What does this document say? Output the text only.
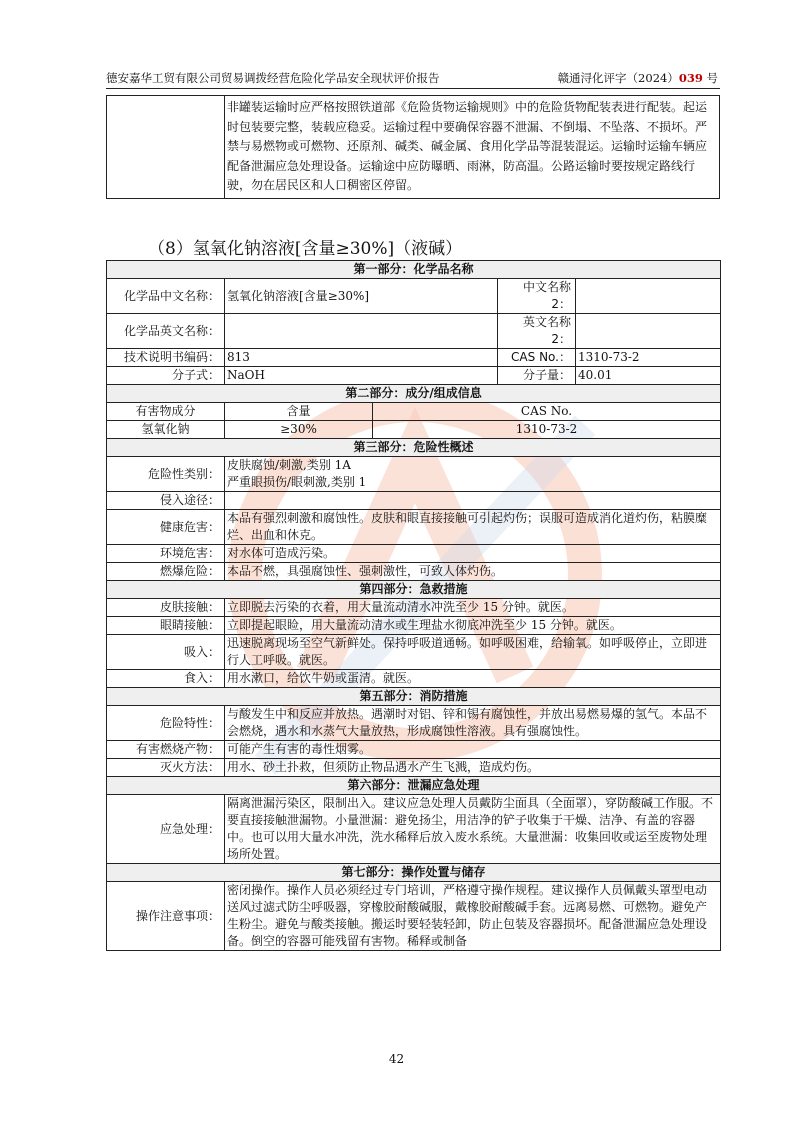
德安嘉华工贸有限公司贸易调拨经营危险化学品安全现状评价报告	赣通浔化评字（2024）039 号
	非罐装运输时应严格按照铁道部《危险货物运输规则》中的危险货物配装表进行配装。起运时包装要完整，装载应稳妥。运输过程中要确保容器不泄漏、不倒塌、不坠落、不损坏。严禁与易燃物或可燃物、还原剂、碱类、碱金属、食用化学品等混装混运。运输时运输车辆应配备泄漏应急处理设备。运输途中应防曝晒、雨淋，防高温。公路运输时要按规定路线行驶，勿在居民区和人口稠密区停留。
（8）氢氧化钠溶液[含量≥30%]（液碱）
第一部分：化学品名称				
化学品中文名称：	氢氧化钠溶液[含量≥30%]		中文名称 2：	
化学品英文名称：			英文名称 2：	
技术说明书编码：	813		CAS No.：	1310-73-2
分子式：	NaOH		分子量：	40.01
第二部分：成分/组成信息				
有害物成分	含量	CAS No.		
氢氧化钠	≥30%	1310-73-2		
第三部分：危险性概述				
危险性类别：	皮肤腐蚀/刺激,类别 1A
严重眼损伤/眼刺激,类别 1			

侵入途径：				
健康危害：	本品有强烈刺激和腐蚀性。皮肤和眼直接接触可引起灼伤；误服可造成消化道灼伤，粘膜糜烂、出血和休克。			
环境危害：	对水体可造成污染。			
燃爆危险：	本品不燃，具强腐蚀性、强刺激性，可致人体灼伤。			
第四部分：急救措施				
皮肤接触：	立即脱去污染的衣着，用大量流动清水冲洗至少 15 分钟。就医。			
眼睛接触：	立即提起眼睑，用大量流动清水或生理盐水彻底冲洗至少 15 分钟。就医。			
吸入：	迅速脱离现场至空气新鲜处。保持呼吸道通畅。如呼吸困难，给输氧。如呼吸停止，立即进行人工呼吸。就医。			
食入：	用水漱口，给饮牛奶或蛋清。就医。			
第五部分：消防措施				
危险特性：	与酸发生中和反应并放热。遇潮时对铝、锌和锡有腐蚀性，并放出易燃易爆的氢气。本品不会燃烧，遇水和水蒸气大量放热，形成腐蚀性溶液。具有强腐蚀性。			
有害燃烧产物：	可能产生有害的毒性烟雾。			
灭火方法：	用水、砂土扑救，但须防止物品遇水产生飞溅，造成灼伤。			
第六部分：泄漏应急处理				
应急处理：	隔离泄漏污染区，限制出入。建议应急处理人员戴防尘面具（全面罩），穿防酸碱工作服。不要直接接触泄漏物。小量泄漏：避免扬尘，用洁净的铲子收集于干燥、洁净、有盖的容器中。也可以用大量水冲洗，洗水稀释后放入废水系统。大量泄漏：收集回收或运至废物处理场所处置。			
第七部分：操作处置与储存				
操作注意事项：	密闭操作。操作人员必须经过专门培训，严格遵守操作规程。建议操作人员佩戴头罩型电动送风过滤式防尘呼吸器，穿橡胶耐酸碱服，戴橡胶耐酸碱手套。远离易燃、可燃物。避免产生粉尘。避免与酸类接触。搬运时要轻装轻卸，防止包装及容器损坏。配备泄漏应急处理设备。倒空的容器可能残留有害物。稀释或制备			
42
